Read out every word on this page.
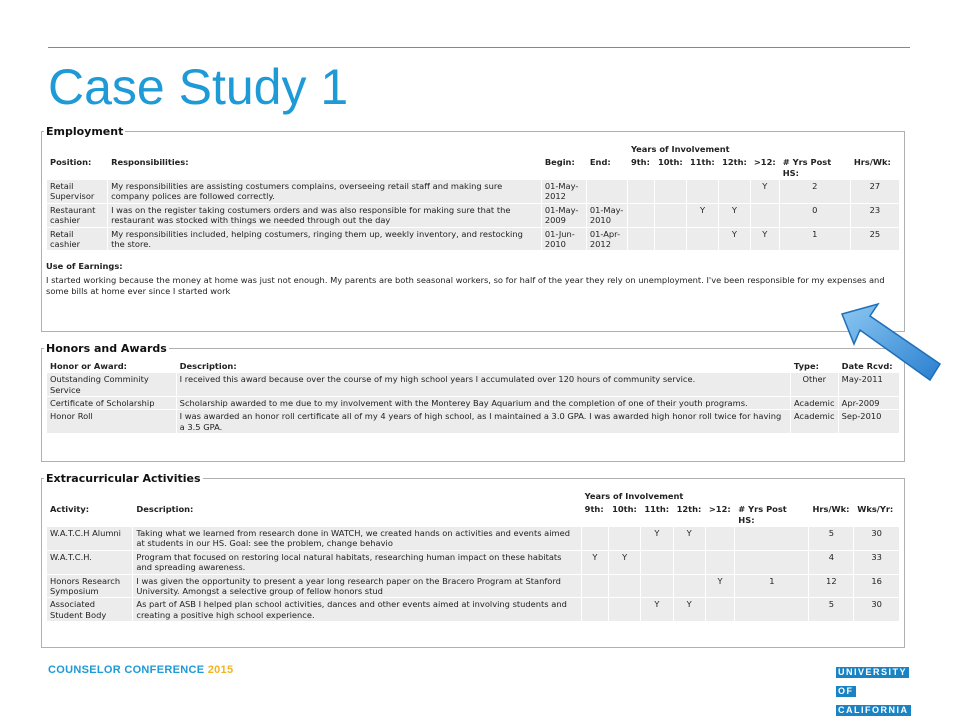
Case Study 1
Employment
				Years of Involvement						
Position:	Responsibilities:	Begin:	End:	9th:	10th:	11th:	12th:	>12:	# Yrs Post HS:	Hrs/Wk:
Retail Supervisor	My responsibilities are assisting costumers complains, overseeing retail staff and making sure company polices are followed correctly.	01-May-2012						Y	2	27
Restaurant cashier	I was on the register taking costumers orders and was also responsible for making sure that the restaurant was stocked with things we needed through out the day	01-May-2009	01-May-2010			Y	Y		0	23
Retail cashier	My responsibilities included, helping costumers, ringing them up, weekly inventory, and restocking the store.	01-Jun-2010	01-Apr-2012				Y	Y	1	25
Use of Earnings:
I started working because the money at home was just not enough. My parents are both seasonal workers, so for half of the year they rely on unemployment. I've been responsible for my expenses and some bills at home ever since I started work
Honors and Awards
Honor or Award:	Description:	Type:	Date Rcvd:
Outstanding Comminity Service	I received this award because over the course of my high school years I accumulated over 120 hours of community service.	Other	May-2011
Certificate of Scholarship	Scholarship awarded to me due to my involvement with the Monterey Bay Aquarium and the completion of one of their youth programs.	Academic	Apr-2009
Honor Roll	I was awarded an honor roll certificate all of my 4 years of high school, as I maintained a 3.0 GPA. I was awarded high honor roll twice for having a 3.5 GPA.	Academic	Sep-2010
Extracurricular Activities
		Years of Involvement							
Activity:	Description:	9th:	10th:	11th:	12th:	>12:	# Yrs Post HS:	Hrs/Wk:	Wks/Yr:
W.A.T.C.H Alumni	Taking what we learned from research done in WATCH, we created hands on activities and events aimed at students in our HS. Goal: see the problem, change behavio			Y	Y			5	30
W.A.T.C.H.	Program that focused on restoring local natural habitats, researching human impact on these habitats and spreading awareness.	Y	Y					4	33
Honors Research Symposium	I was given the opportunity to present a year long research paper on the Bracero Program at Stanford University. Amongst a selective group of fellow honors stud					Y	1	12	16
Associated Student Body	As part of ASB I helped plan school activities, dances and other events aimed at involving students and creating a positive high school experience.			Y	Y			5	30
COUNSELOR CONFERENCE 2015	UNIVERSITY
OF
CALIFORNIA
